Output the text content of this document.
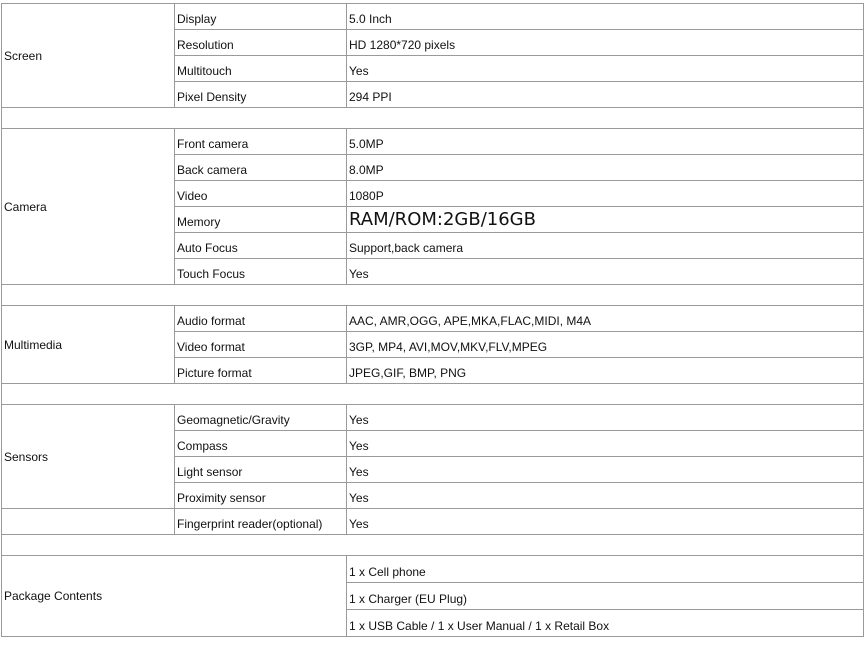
Screen	Display	5.0 Inch
	Resolution	HD 1280*720 pixels
	Multitouch	Yes
	Pixel Density	294 PPI

Camera	Front camera	5.0MP
	Back camera	8.0MP
	Video	1080P
	Memory	RAM/ROM:2GB/16GB
	Auto Focus	Support,back camera
	Touch Focus	Yes

Multimedia	Audio format	AAC, AMR,OGG, APE,MKA,FLAC,MIDI, M4A
	Video format	3GP, MP4, AVI,MOV,MKV,FLV,MPEG
	Picture format	JPEG,GIF, BMP, PNG

Sensors	Geomagnetic/Gravity	Yes
	Compass	Yes
	Light sensor	Yes
	Proximity sensor	Yes
	Fingerprint reader(optional)	Yes

Package Contents		1 x Cell phone
		1 x Charger (EU Plug)
		1 x USB Cable / 1 x User Manual / 1 x Retail Box
